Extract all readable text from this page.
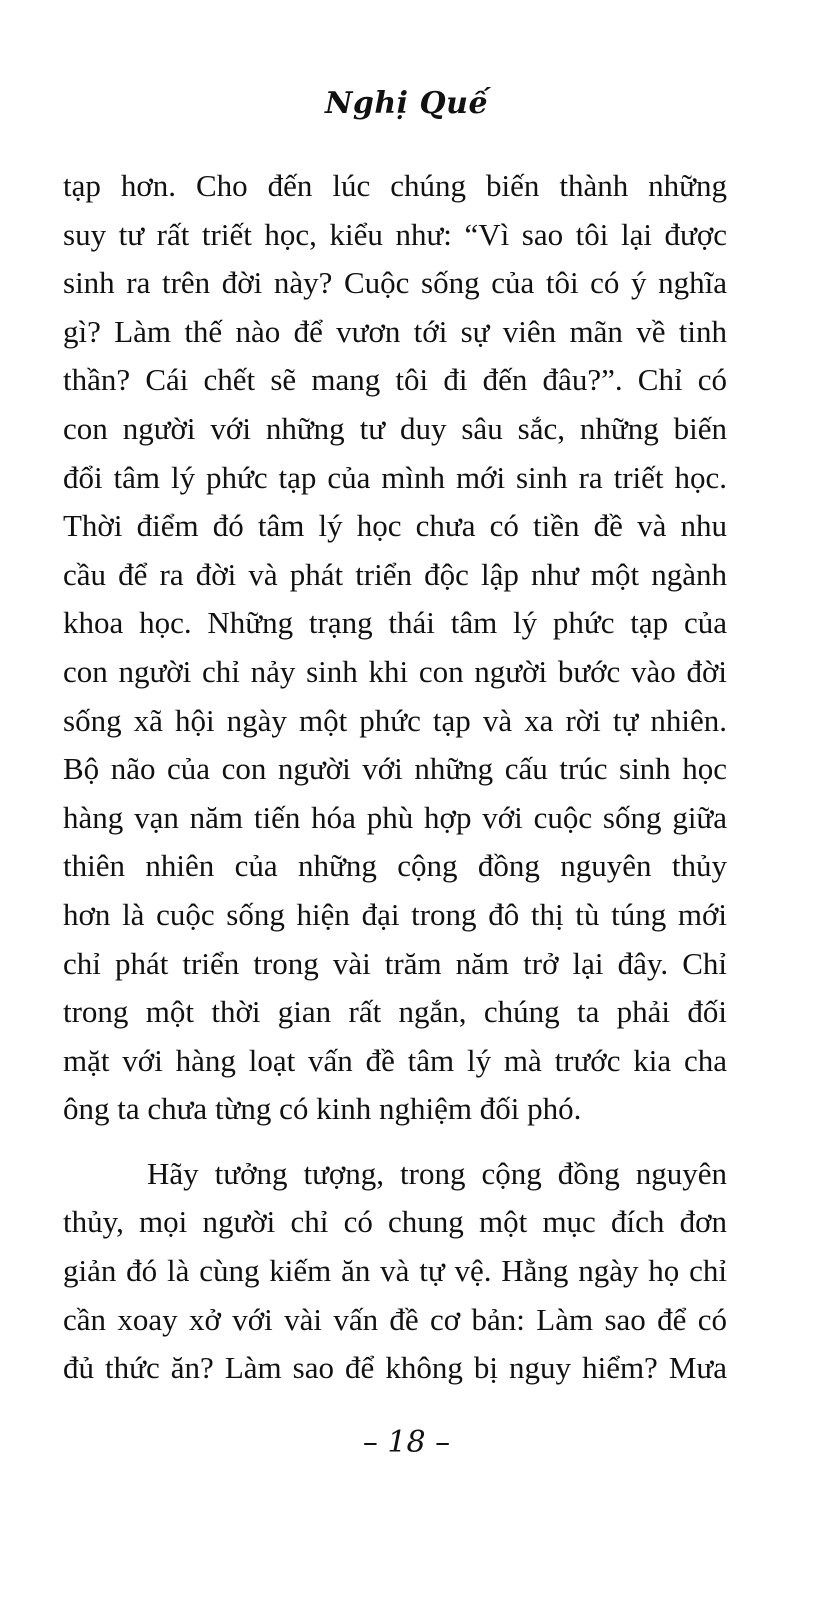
Nghị Quế
tạp hơn. Cho đến lúc chúng biến thành những
suy tư rất triết học, kiểu như: “Vì sao tôi lại được
sinh ra trên đời này? Cuộc sống của tôi có ý nghĩa
gì? Làm thế nào để vươn tới sự viên mãn về tinh
thần? Cái chết sẽ mang tôi đi đến đâu?”. Chỉ có
con người với những tư duy sâu sắc, những biến
đổi tâm lý phức tạp của mình mới sinh ra triết học.
Thời điểm đó tâm lý học chưa có tiền đề và nhu
cầu để ra đời và phát triển độc lập như một ngành
khoa học. Những trạng thái tâm lý phức tạp của
con người chỉ nảy sinh khi con người bước vào đời
sống xã hội ngày một phức tạp và xa rời tự nhiên.
Bộ não của con người với những cấu trúc sinh học
hàng vạn năm tiến hóa phù hợp với cuộc sống giữa
thiên nhiên của những cộng đồng nguyên thủy
hơn là cuộc sống hiện đại trong đô thị tù túng mới
chỉ phát triển trong vài trăm năm trở lại đây. Chỉ
trong một thời gian rất ngắn, chúng ta phải đối
mặt với hàng loạt vấn đề tâm lý mà trước kia cha
ông ta chưa từng có kinh nghiệm đối phó.
Hãy tưởng tượng, trong cộng đồng nguyên
thủy, mọi người chỉ có chung một mục đích đơn
giản đó là cùng kiếm ăn và tự vệ. Hằng ngày họ chỉ
cần xoay xở với vài vấn đề cơ bản: Làm sao để có
đủ thức ăn? Làm sao để không bị nguy hiểm? Mưa
– 18 –
